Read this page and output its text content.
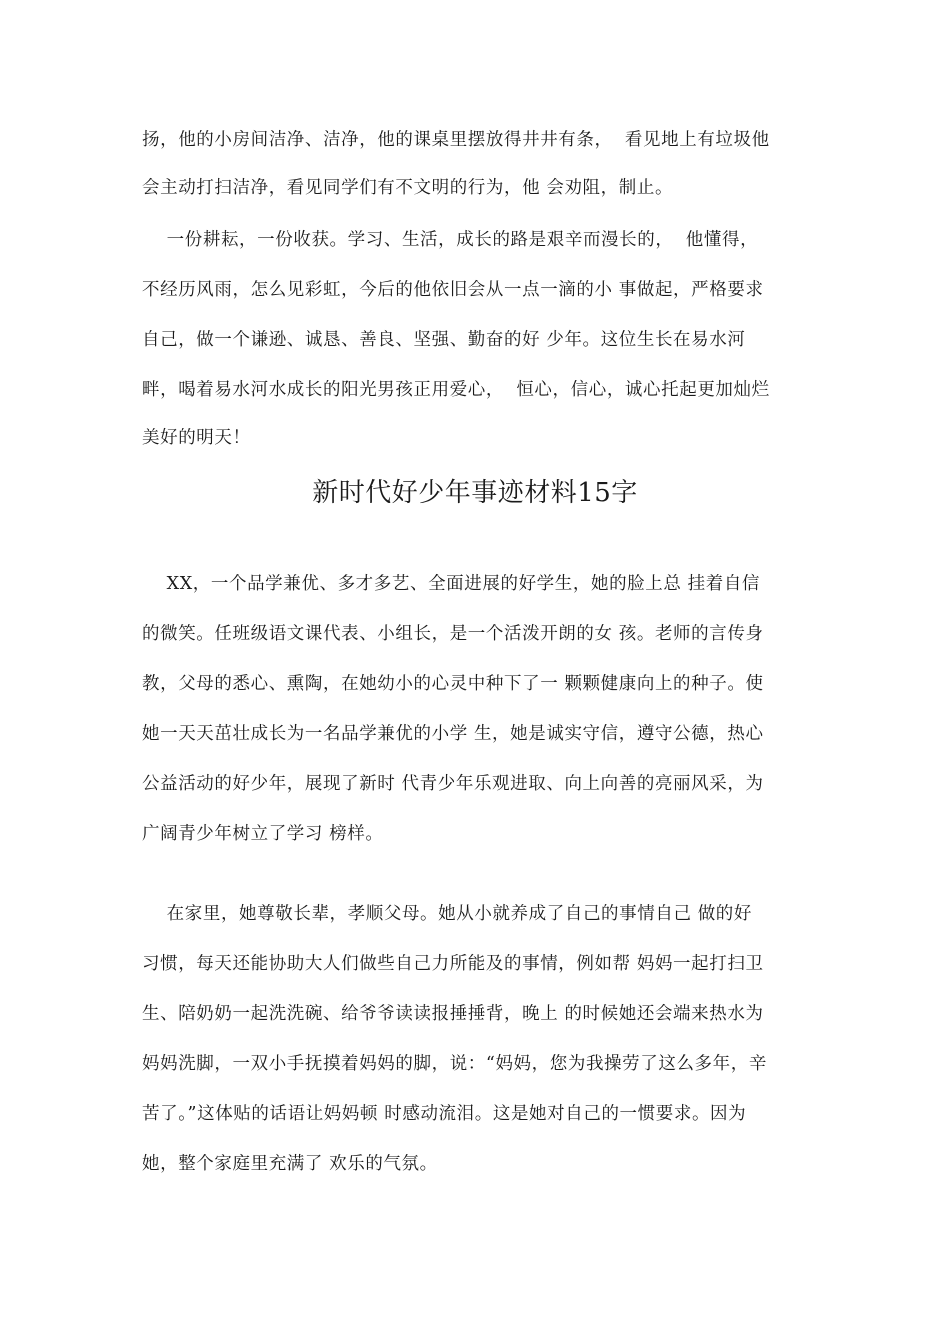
扬，他的小房间洁净、洁净，他的课桌里摆放得井井有条，  看见地上有垃圾他
会主动打扫洁净，看见同学们有不文明的行为，他 会劝阻，制止。
一份耕耘，一份收获。学习、生活，成长的路是艰辛而漫长的，  他懂得，
不经历风雨，怎么见彩虹，今后的他依旧会从一点一滴的小 事做起，严格要求
自己，做一个谦逊、诚恳、善良、坚强、勤奋的好 少年。这位生长在易水河
畔，喝着易水河水成长的阳光男孩正用爱心，  恒心，信心，诚心托起更加灿烂
美好的明天！
新时代好少年事迹材料15字
XX，一个品学兼优、多才多艺、全面进展的好学生，她的脸上总 挂着自信
的微笑。任班级语文课代表、小组长，是一个活泼开朗的女 孩。老师的言传身
教，父母的悉心、熏陶，在她幼小的心灵中种下了一 颗颗健康向上的种子。使
她一天天茁壮成长为一名品学兼优的小学 生，她是诚实守信，遵守公德，热心
公益活动的好少年，展现了新时 代青少年乐观进取、向上向善的亮丽风采，为
广阔青少年树立了学习 榜样。
在家里，她尊敬长辈，孝顺父母。她从小就养成了自己的事情自己 做的好
习惯，每天还能协助大人们做些自己力所能及的事情，例如帮 妈妈一起打扫卫
生、陪奶奶一起洗洗碗、给爷爷读读报捶捶背，晚上 的时候她还会端来热水为
妈妈洗脚，一双小手抚摸着妈妈的脚，说：“妈妈，您为我操劳了这么多年，辛
苦了。”这体贴的话语让妈妈顿 时感动流泪。这是她对自己的一惯要求。因为
她，整个家庭里充满了 欢乐的气氛。
